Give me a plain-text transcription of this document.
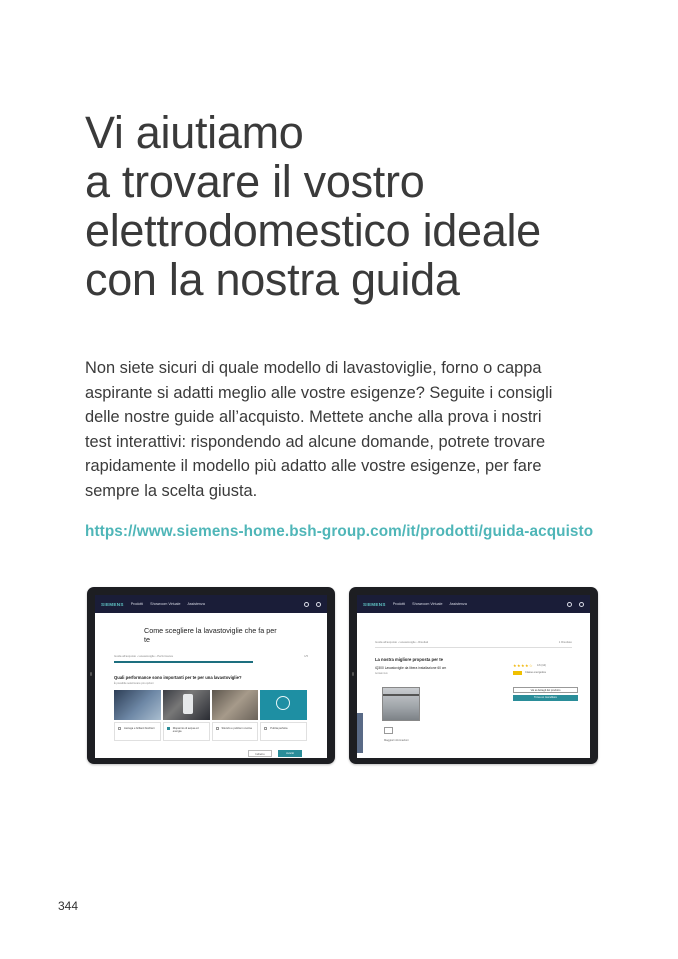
Vi aiutiamo
a trovare il vostro
elettrodomestico ideale
con la nostra guida

Non siete sicuri di quale modello di lavastoviglie, forno o cappa
aspirante si adatti meglio alle vostre esigenze? Seguite i consigli
delle nostre guide all’acquisto. Mettete anche alla prova i nostri
test interattivi: rispondendo ad alcune domande, potrete trovare
rapidamente il modello più adatto alle vostre esigenze, per fare
sempre la scelta giusta.

https://www.siemens-home.bsh-group.com/it/prodotti/guida-acquisto
SIEMENS Prodotti Showroom Virtuale Assistenza
Come scegliere la lavastoviglie che fa per te
Guida all’acquisto › Lavastoviglie › Performance	1/5
Quali performance sono importanti per te per una lavastoviglie?
È possibile selezionare più opzioni
Asciuga e brillanti bicchieri	Risparmio di acqua ed energia
Silenzio e pulizia in cucina	Pulizia perfetta
Indietro	Avanti
SIEMENS Prodotti Showroom Virtuale Assistenza
Guida all’acquisto › Lavastoviglie › Risultati	1 Risultato
La nostra migliore proposta per te
iQ300 Lavastoviglie da libera installazione 60 cm
Acciaio inox
Maggiori informazioni
★★★★☆ 4.6 (12)
Classe energetica
Vai ai dettagli del prodotto
Trova un rivenditore
344
